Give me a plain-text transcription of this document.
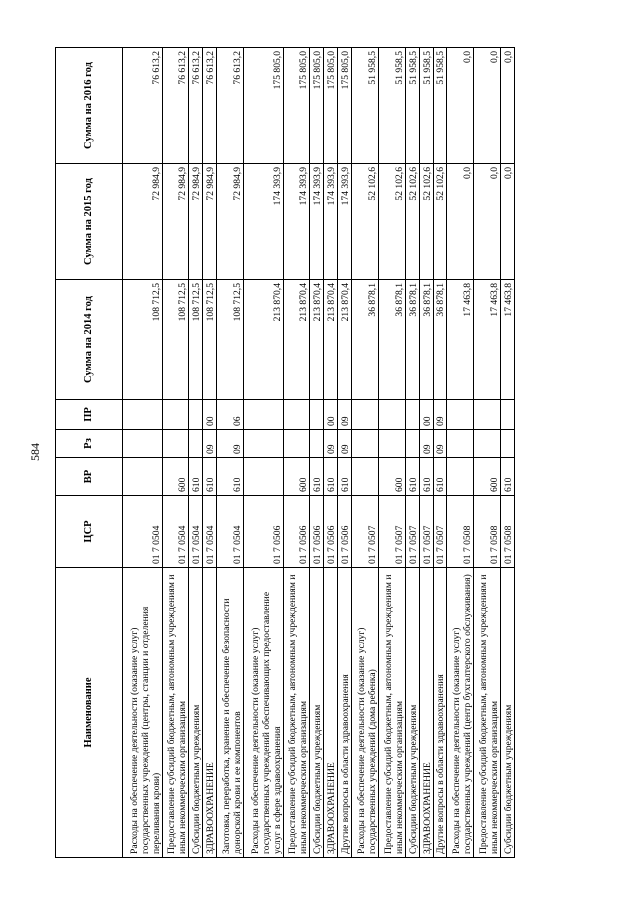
584
Наименование	ЦСР	ВР	Рз	ПР	Сумма на 2014 год	Сумма на 2015 год	Сумма на 2016 год
Расходы на обеспечение деятельности (оказание услуг) государственных учреждений (центры, станции и отделения переливания крови)	01 7 0504				108 712,5	72 984,9	76 613,2
Предоставление субсидий бюджетным, автономным учреждениям и иным некоммерческим организациям	01 7 0504	600			108 712,5	72 984,9	76 613,2
Субсидии бюджетным учреждениям	01 7 0504	610			108 712,5	72 984,9	76 613,2
ЗДРАВООХРАНЕНИЕ	01 7 0504	610	09	00	108 712,5	72 984,9	76 613,2
Заготовка, переработка, хранение и обеспечение безопасности донорской крови и ее компонентов	01 7 0504	610	09	06	108 712,5	72 984,9	76 613,2
Расходы на обеспечение деятельности (оказание услуг) государственных учреждений обеспечивающих предоставление услуг в сфере здравоохранения	01 7 0506				213 870,4	174 393,9	175 805,0
Предоставление субсидий бюджетным, автономным учреждениям и иным некоммерческим организациям	01 7 0506	600			213 870,4	174 393,9	175 805,0
Субсидии бюджетным учреждениям	01 7 0506	610			213 870,4	174 393,9	175 805,0
ЗДРАВООХРАНЕНИЕ	01 7 0506	610	09	00	213 870,4	174 393,9	175 805,0
Другие вопросы в области здравоохранения	01 7 0506	610	09	09	213 870,4	174 393,9	175 805,0
Расходы на обеспечение деятельности (оказание услуг) государственных учреждений (дома ребенка)	01 7 0507				36 878,1	52 102,6	51 958,5
Предоставление субсидий бюджетным, автономным учреждениям и иным некоммерческим организациям	01 7 0507	600			36 878,1	52 102,6	51 958,5
Субсидии бюджетным учреждениям	01 7 0507	610			36 878,1	52 102,6	51 958,5
ЗДРАВООХРАНЕНИЕ	01 7 0507	610	09	00	36 878,1	52 102,6	51 958,5
Другие вопросы в области здравоохранения	01 7 0507	610	09	09	36 878,1	52 102,6	51 958,5
Расходы на обеспечение деятельности (оказание услуг) государственных учреждений (центр бухгалтерского обслуживания)	01 7 0508				17 463,8	0,0	0,0
Предоставление субсидий бюджетным, автономным учреждениям и иным некоммерческим организациям	01 7 0508	600			17 463,8	0,0	0,0
Субсидии бюджетным учреждениям	01 7 0508	610			17 463,8	0,0	0,0
